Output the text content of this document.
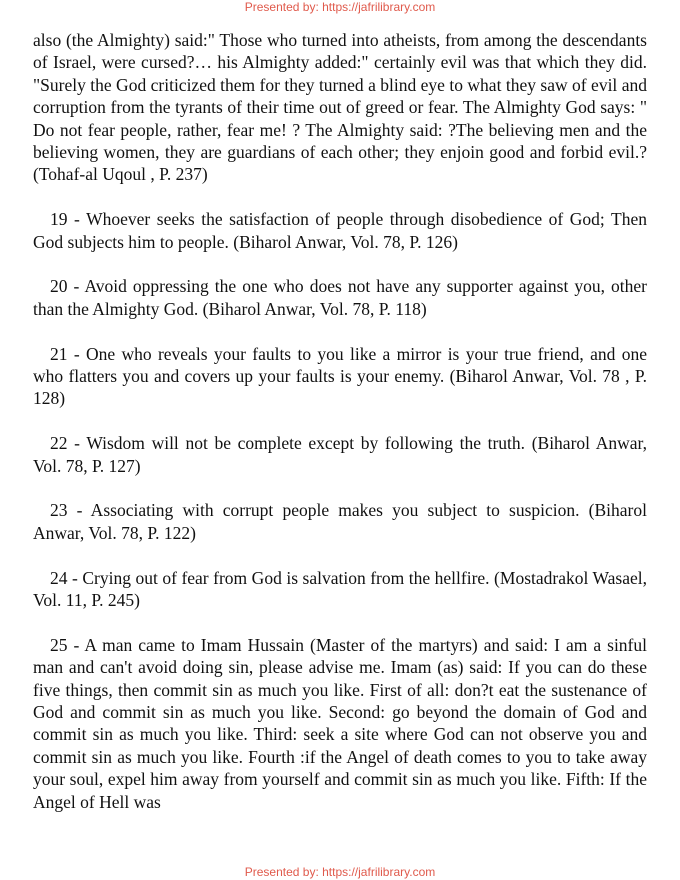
Presented by: https://jafrilibrary.com

also (the Almighty) said:" Those who turned into atheists, from among the descendants of Israel, were cursed?… his Almighty added:" certainly evil was that which they did. "Surely the God criticized them for they turned a blind eye to what they saw of evil and corruption from the tyrants of their time out of greed or fear. The Almighty God says: " Do not fear people, rather, fear me! ? The Almighty said: ?The believing men and the believing women, they are guardians of each other; they enjoin good and forbid evil.? (Tohaf-al Uqoul , P. 237)

19 - Whoever seeks the satisfaction of people through disobedience of God; Then God subjects him to people. (Biharol Anwar, Vol. 78, P. 126)

20 - Avoid oppressing the one who does not have any supporter against you, other than the Almighty God. (Biharol Anwar, Vol. 78, P. 118)

21 - One who reveals your faults to you like a mirror is your true friend, and one who flatters you and covers up your faults is your enemy. (Biharol Anwar, Vol. 78 , P. 128)

22 - Wisdom will not be complete except by following the truth. (Biharol Anwar, Vol. 78, P. 127)

23 - Associating with corrupt people makes you subject to suspicion. (Biharol Anwar, Vol. 78, P. 122)

24 - Crying out of fear from God is salvation from the hellfire. (Mostadrakol Wasael, Vol. 11, P. 245)

25 - A man came to Imam Hussain (Master of the martyrs) and said: I am a sinful man and can't avoid doing sin, please advise me. Imam (as) said: If you can do these five things, then commit sin as much you like. First of all: don?t eat the sustenance of God and commit sin as much you like. Second: go beyond the domain of God and commit sin as much you like. Third: seek a site where God can not observe you and commit sin as much you like. Fourth :if the Angel of death comes to you to take away your soul, expel him away from yourself and commit sin as much you like. Fifth: If the Angel of Hell was

Presented by: https://jafrilibrary.com
